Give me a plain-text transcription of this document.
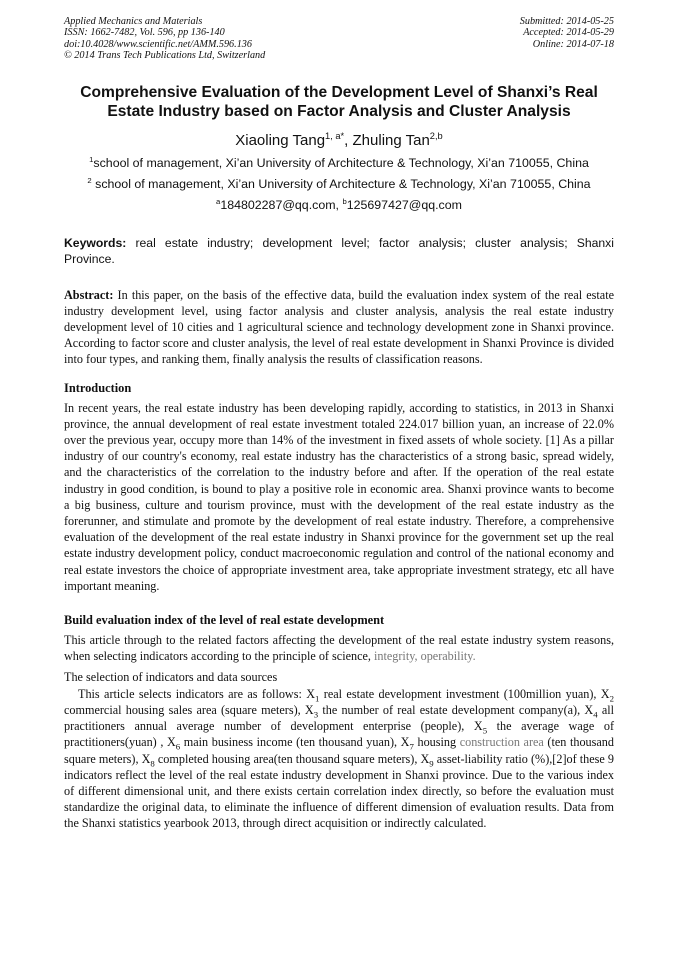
Applied Mechanics and Materials
ISSN: 1662-7482, Vol. 596, pp 136-140
doi:10.4028/www.scientific.net/AMM.596.136
© 2014 Trans Tech Publications Ltd, Switzerland
Submitted: 2014-05-25
Accepted: 2014-05-29
Online: 2014-07-18
Comprehensive Evaluation of the Development Level of Shanxi’s Real
Estate Industry based on Factor Analysis and Cluster Analysis
Xiaoling Tang$^{1, a*}$, Zhuling Tan$^{2,b}$
$^1$school of management, Xi’an University of Architecture & Technology, Xi’an 710055, China
$^2$ school of management, Xi’an University of Architecture & Technology, Xi’an 710055, China
$^a$184802287@qq.com, $^b$125697427@qq.com
Keywords: real estate industry; development level; factor analysis; cluster analysis; Shanxi Province.
Abstract: In this paper, on the basis of the effective data, build the evaluation index system of the real estate industry development level, using factor analysis and cluster analysis, analysis the real estate industry development level of 10 cities and 1 agricultural science and technology development zone in Shanxi province. According to factor score and cluster analysis, the level of real estate development in Shanxi Province is divided into four types, and ranking them, finally analysis the results of classification reasons.
Introduction
In recent years, the real estate industry has been developing rapidly, according to statistics, in 2013 in Shanxi province, the annual development of real estate investment totaled 224.017 billion yuan, an increase of 22.0% over the previous year, occupy more than 14% of the investment in fixed assets of whole society. [1] As a pillar industry of our country's economy, real estate industry has the characteristics of a strong basic, spread widely, and the characteristics of the correlation to the industry before and after. If the operation of the real estate industry in good condition, is bound to play a positive role in economic area. Shanxi province wants to become a big business, culture and tourism province, must with the development of the real estate industry as the forerunner, and stimulate and promote by the development of real estate industry. Therefore, a comprehensive evaluation of the development of the real estate industry in Shanxi province for the government set up the real estate industry development policy, conduct macroeconomic regulation and control of the national economy and real estate investors the choice of appropriate investment area, take appropriate investment strategy, etc all have important meaning.
Build evaluation index of the level of real estate development
This article through to the related factors affecting the development of the real estate industry system reasons, when selecting indicators according to the principle of science, integrity, operability.
The selection of indicators and data sources
This article selects indicators are as follows: $X_1$ real estate development investment (100million yuan), $X_2$ commercial housing sales area (square meters), $X_3$ the number of real estate development company(a), $X_4$ all practitioners annual average number of development enterprise (people), $X_5$ the average wage of practitioners(yuan) , $X_6$ main business income (ten thousand yuan), $X_7$ housing construction area (ten thousand square meters), $X_8$ completed housing area(ten thousand square meters), $X_9$ asset-liability ratio (%),[2]of these 9 indicators reflect the level of the real estate industry development in Shanxi province. Due to the various index of different dimensional unit, and there exists certain correlation index directly, so before the evaluation must standardize the original data, to eliminate the influence of different dimension of evaluation results. Data from the Shanxi statistics yearbook 2013, through direct acquisition or indirectly calculated.
